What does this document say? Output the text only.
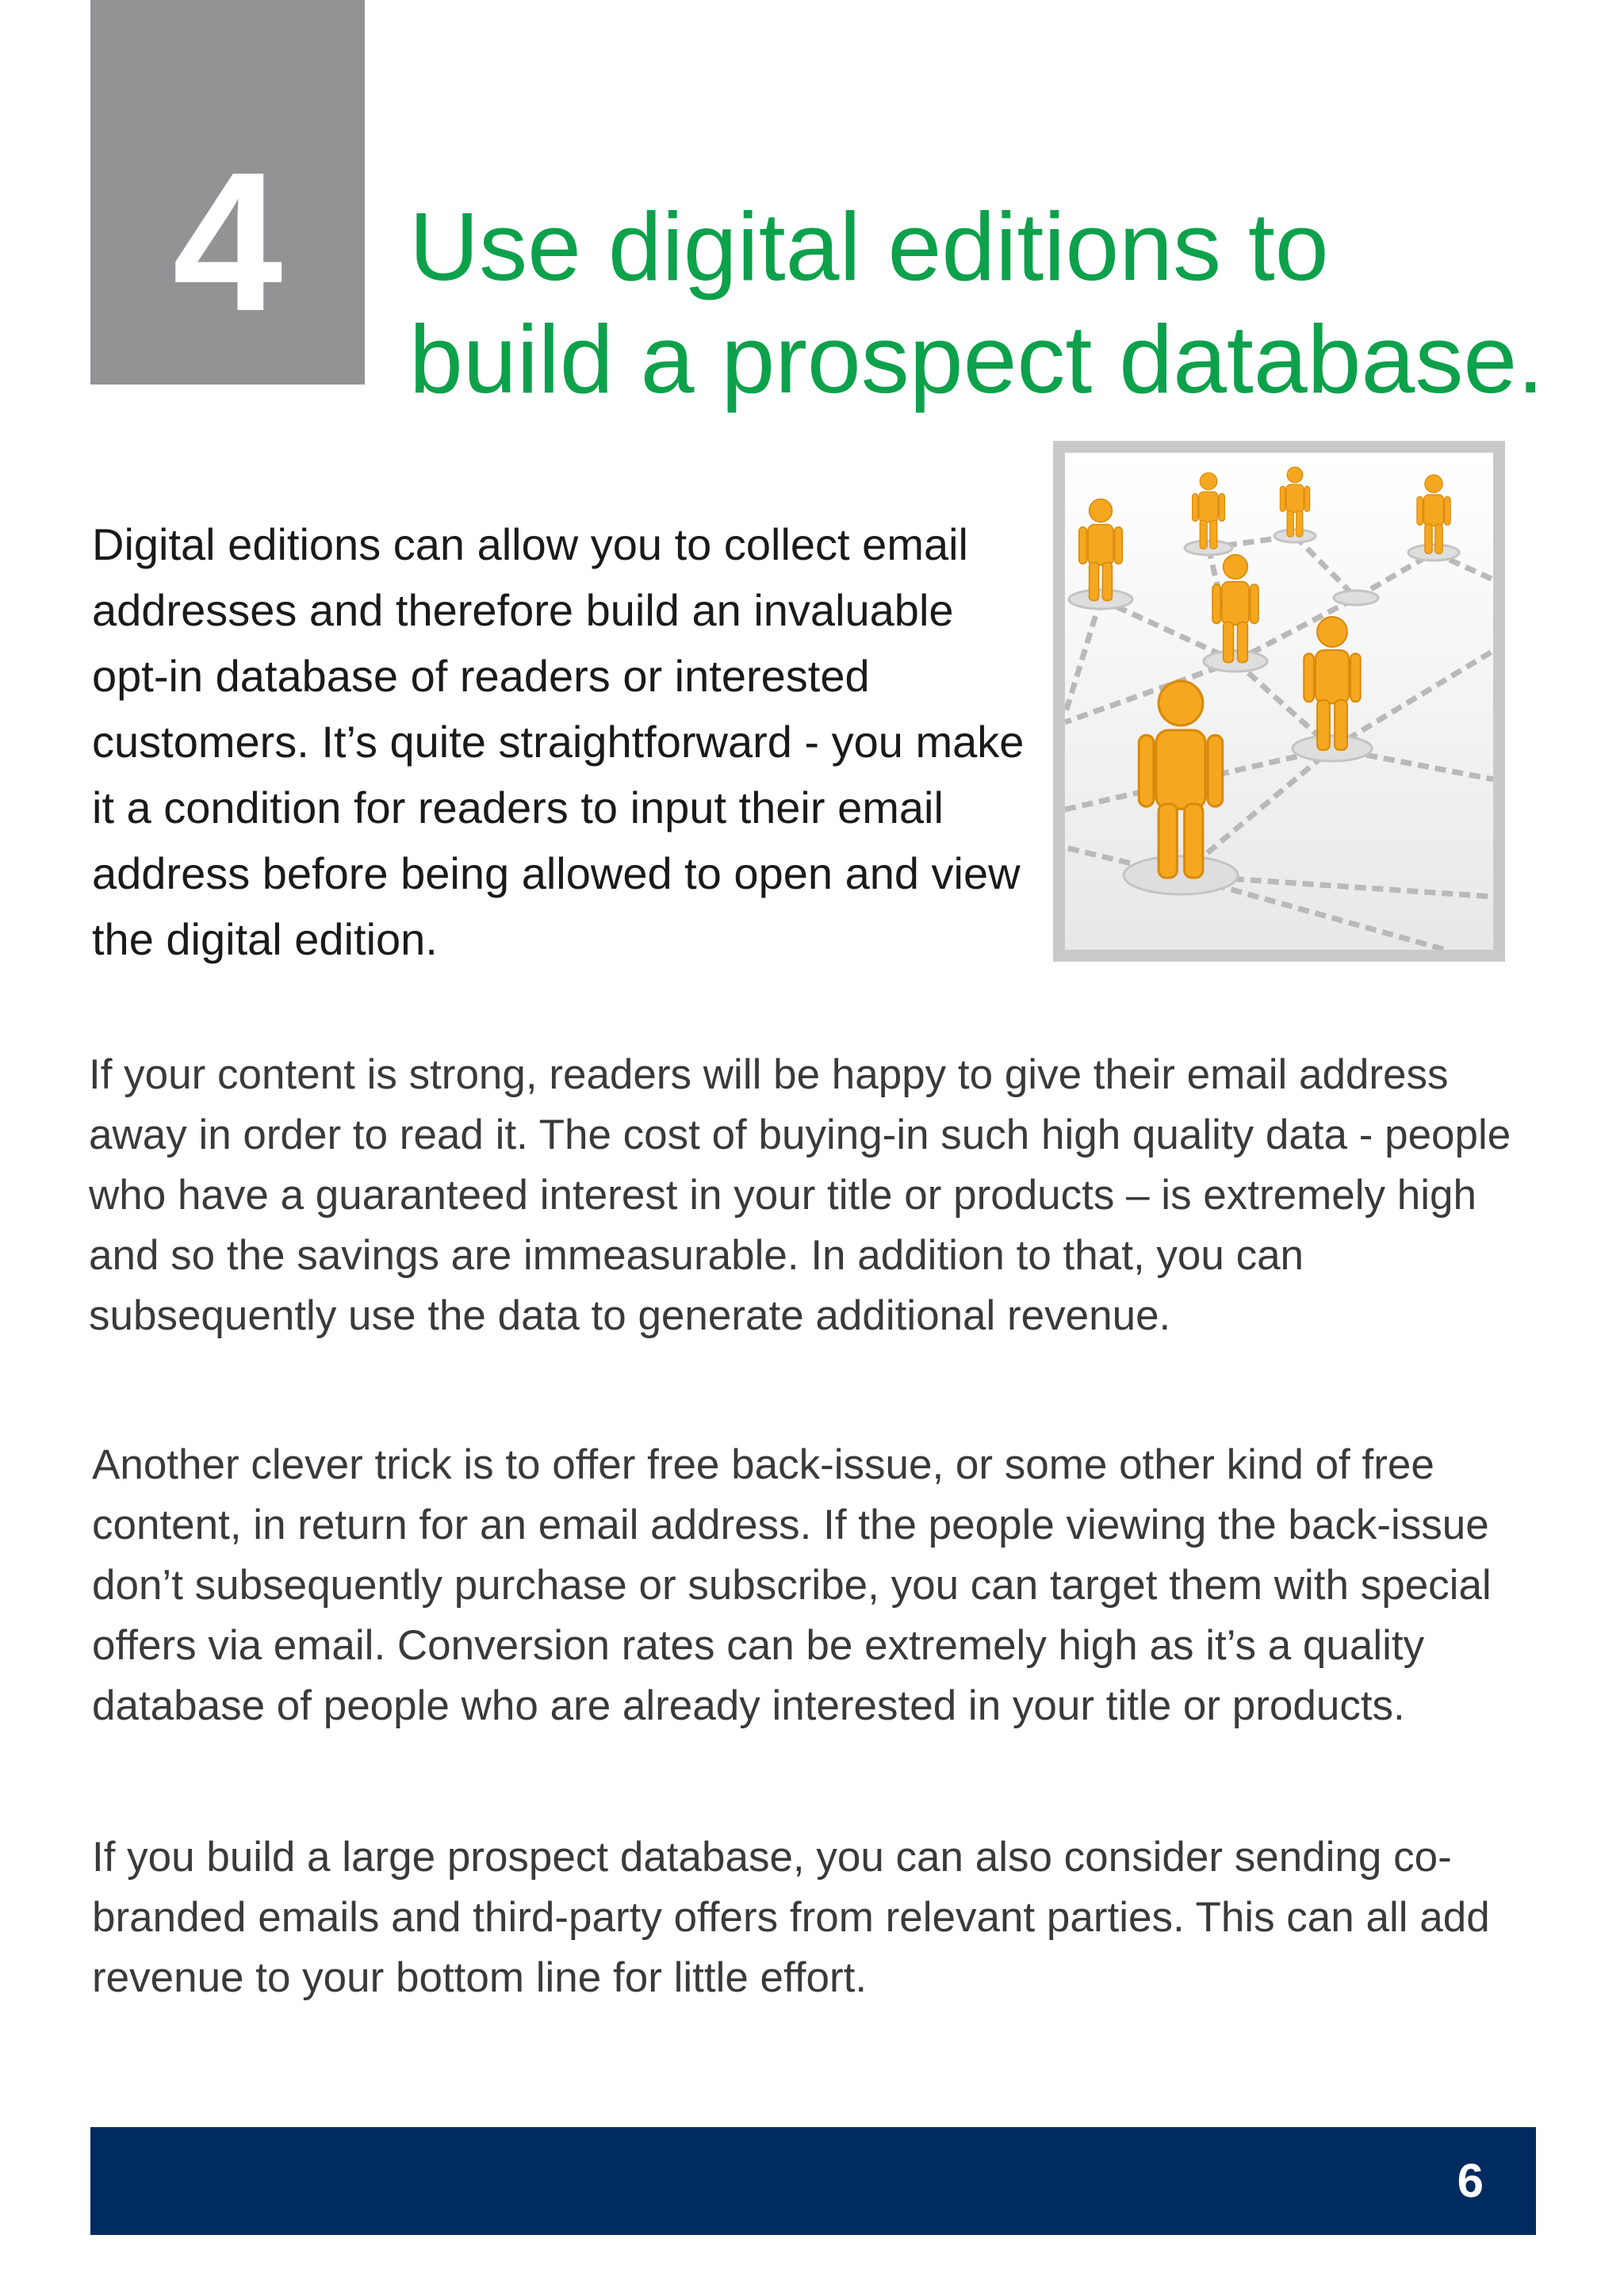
4	Use digital editions to
build a prospect database.

Digital editions can allow you to collect email addresses and therefore build an invaluable opt-in database of readers or interested customers. It’s quite straightforward - you make it a condition for readers to input their email address before being allowed to open and view the digital edition.

If your content is strong, readers will be happy to give their email address away in order to read it. The cost of buying-in such high quality data - people who have a guaranteed interest in your title or products – is extremely high and so the savings are immeasurable. In addition to that, you can subsequently use the data to generate additional revenue.

Another clever trick is to offer free back-issue, or some other kind of free content, in return for an email address. If the people viewing the back-issue don’t subsequently purchase or subscribe, you can target them with special offers via email. Conversion rates can be extremely high as it’s a quality database of people who are already interested in your title or products.

If you build a large prospect database, you can also consider sending co-branded emails and third-party offers from relevant parties. This can all add revenue to your bottom line for little effort.

6
